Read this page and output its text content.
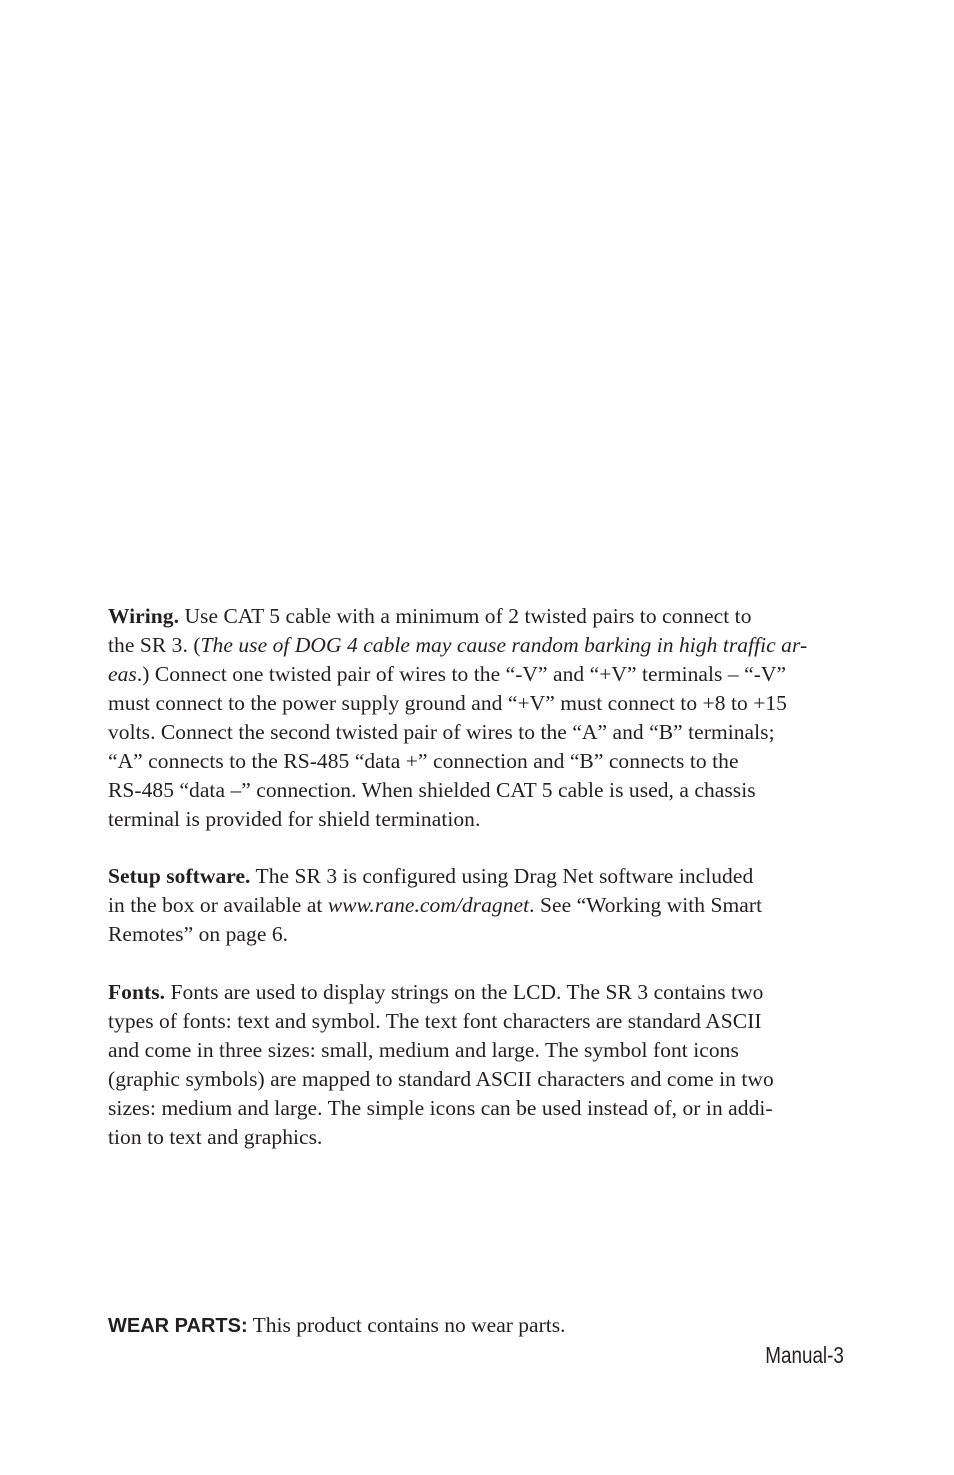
Wiring. Use CAT 5 cable with a minimum of 2 twisted pairs to connect to
the SR 3. (The use of DOG 4 cable may cause random barking in high traffic ar-
eas.) Connect one twisted pair of wires to the “-V” and “+V” terminals – “-V”
must connect to the power supply ground and “+V” must connect to +8 to +15
volts. Connect the second twisted pair of wires to the “A” and “B” terminals;
“A” connects to the RS-485 “data +” connection and “B” connects to the
RS-485 “data –” connection. When shielded CAT 5 cable is used, a chassis
terminal is provided for shield termination.
Setup software. The SR 3 is configured using Drag Net software included
in the box or available at www.rane.com/dragnet. See “Working with Smart
Remotes” on page 6.
Fonts. Fonts are used to display strings on the LCD. The SR 3 contains two
types of fonts: text and symbol. The text font characters are standard ASCII
and come in three sizes: small, medium and large. The symbol font icons
(graphic symbols) are mapped to standard ASCII characters and come in two
sizes: medium and large. The simple icons can be used instead of, or in addi-
tion to text and graphics.
WEAR PARTS: This product contains no wear parts.
Manual-3
